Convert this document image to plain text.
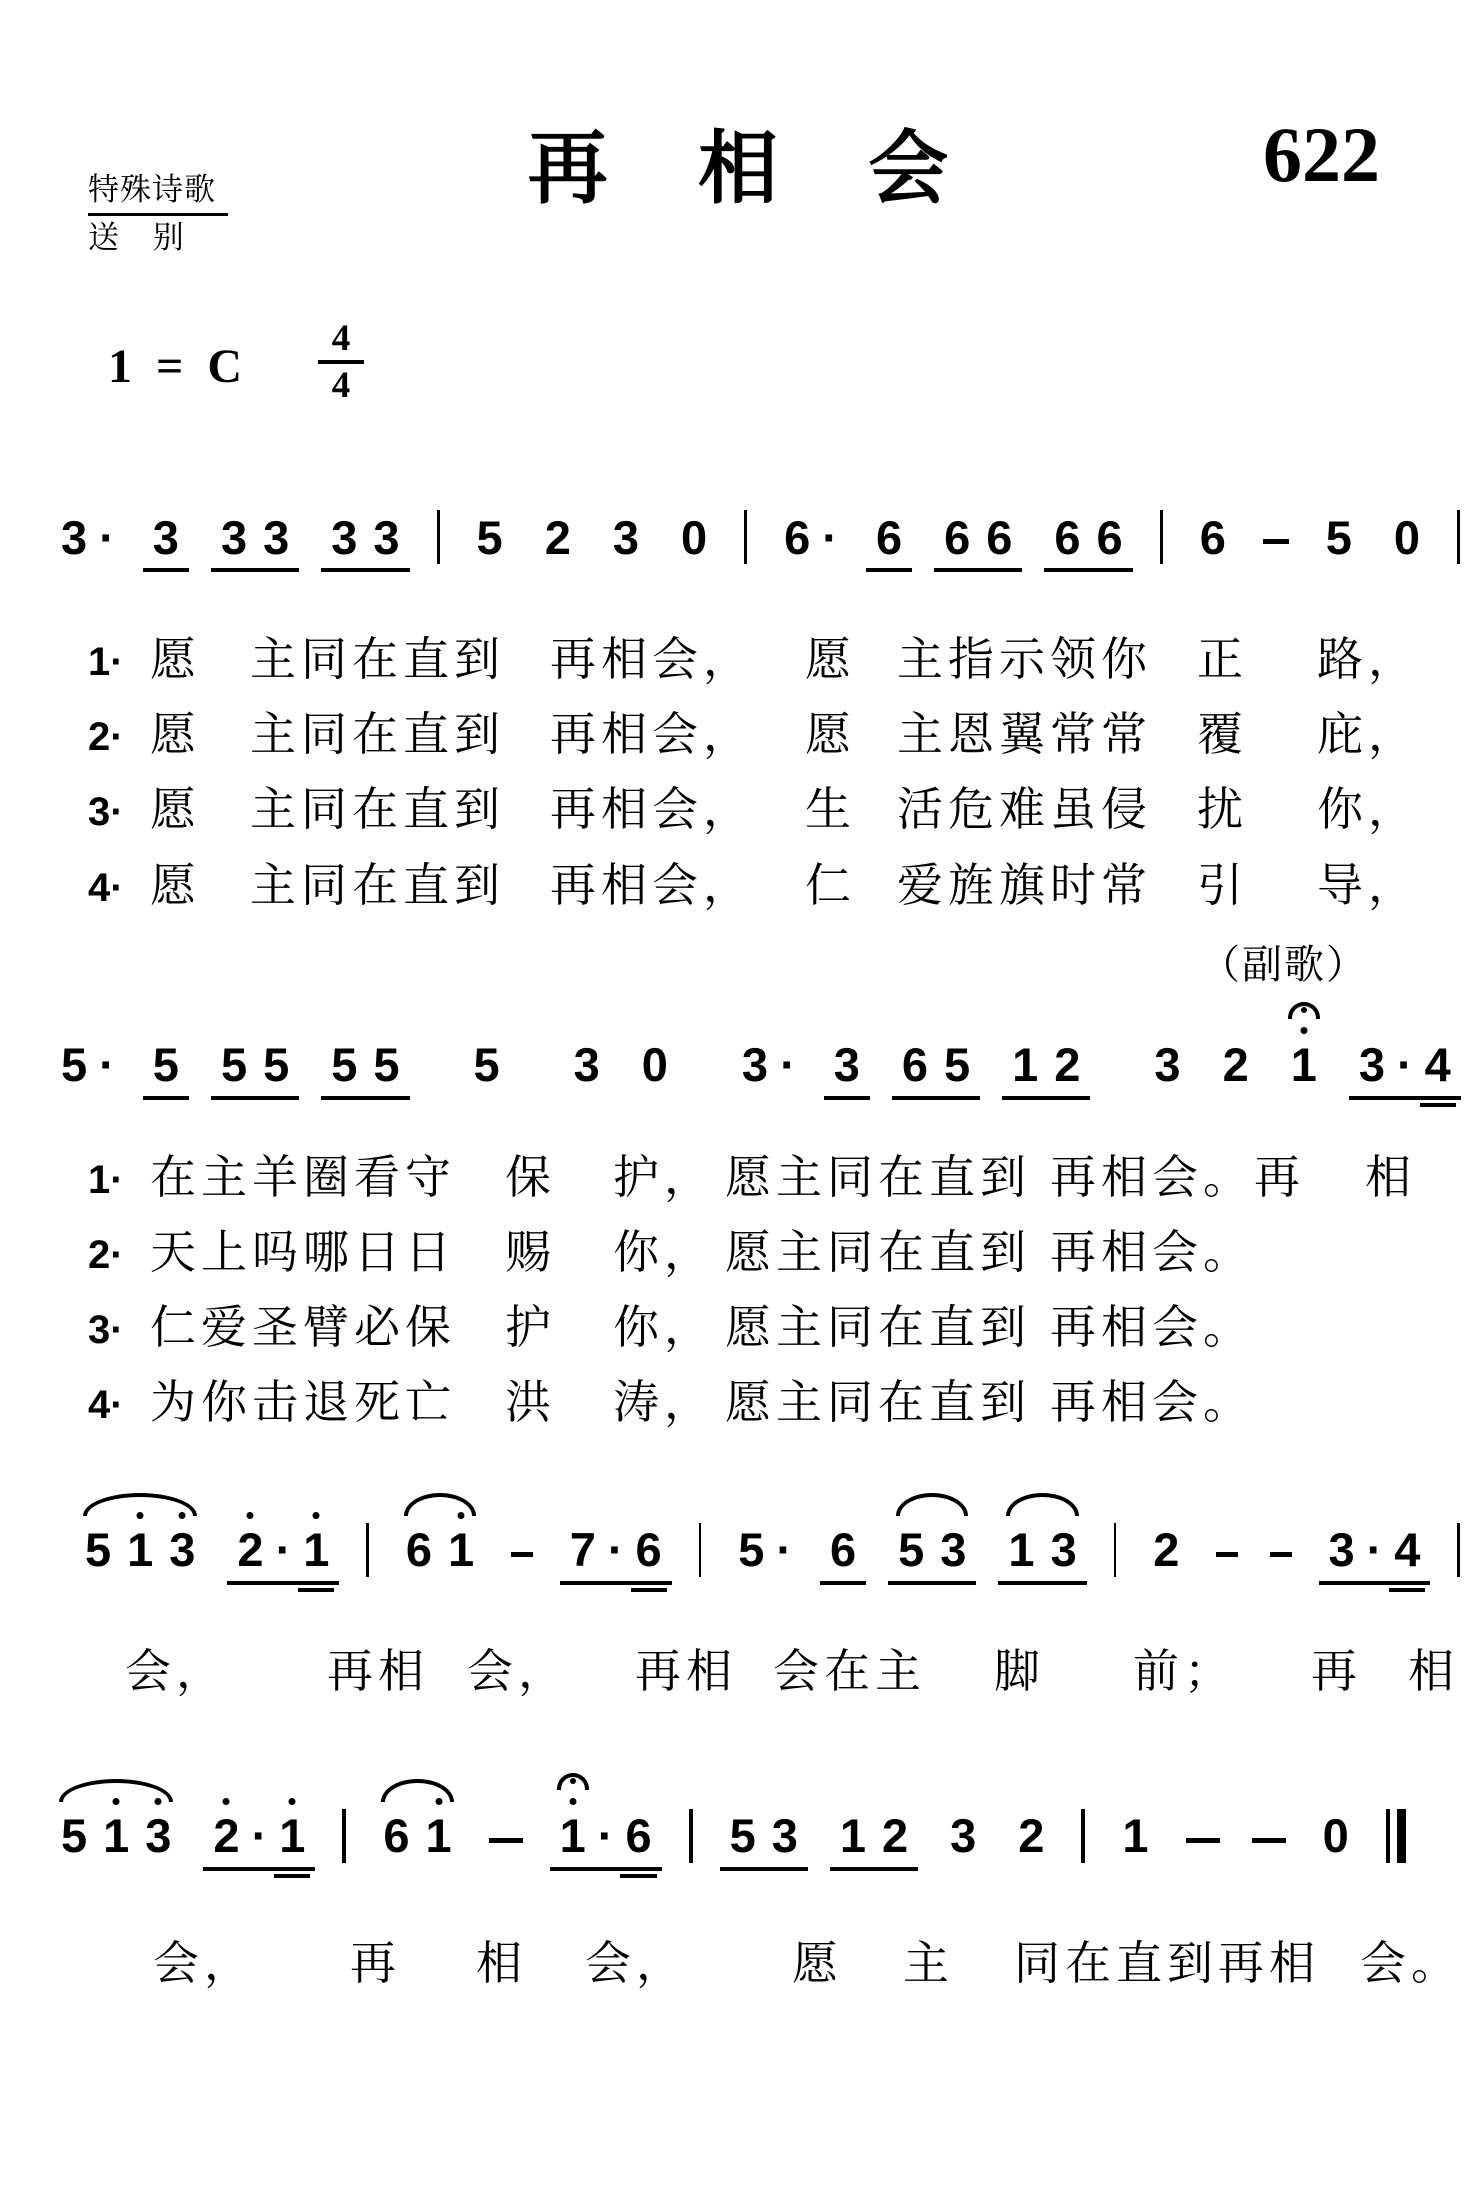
特殊诗歌
送 别
再 相 会	622
1 = C
4
4
3 · 3 3 3 3 3 5 2 3 0 6 · 6 6 6 6 6 6 5 0
1· 愿	主同在直到 再相会，	愿 主指示领你 正	路，
2· 愿	主同在直到 再相会，	愿 主恩翼常常 覆	庇，
3· 愿	主同在直到 再相会，	生 活危难虽侵 扰	你，
4· 愿	主同在直到 再相会，	仁 爱旌旗时常 引	导，
（副歌）
5 · 5 5 5 5 5 5 3 0 3 · 3 6 5 1 2 3 2 1 3 · 4
1· 在主羊圈看守	保	护， 愿主同在直到 再相会。再	相
2· 天上吗哪日日	赐	你， 愿主同在直到 再相会。
3· 仁爱圣臂必保	护	你， 愿主同在直到 再相会。
4· 为你击退死亡	洪	涛， 愿主同在直到 再相会。
5 1 3 2 · 1 6 1 7 · 6 5 · 6 5 3 1 3 2	3 · 4
会， 再相 会， 再相 会在主 脚 前； 再 相
5 1 3 2 · 1 6 1 1 · 6 5 3 1 2 3 2 1	0
会， 再 相 会， 愿 主 同在直到再相 会。
